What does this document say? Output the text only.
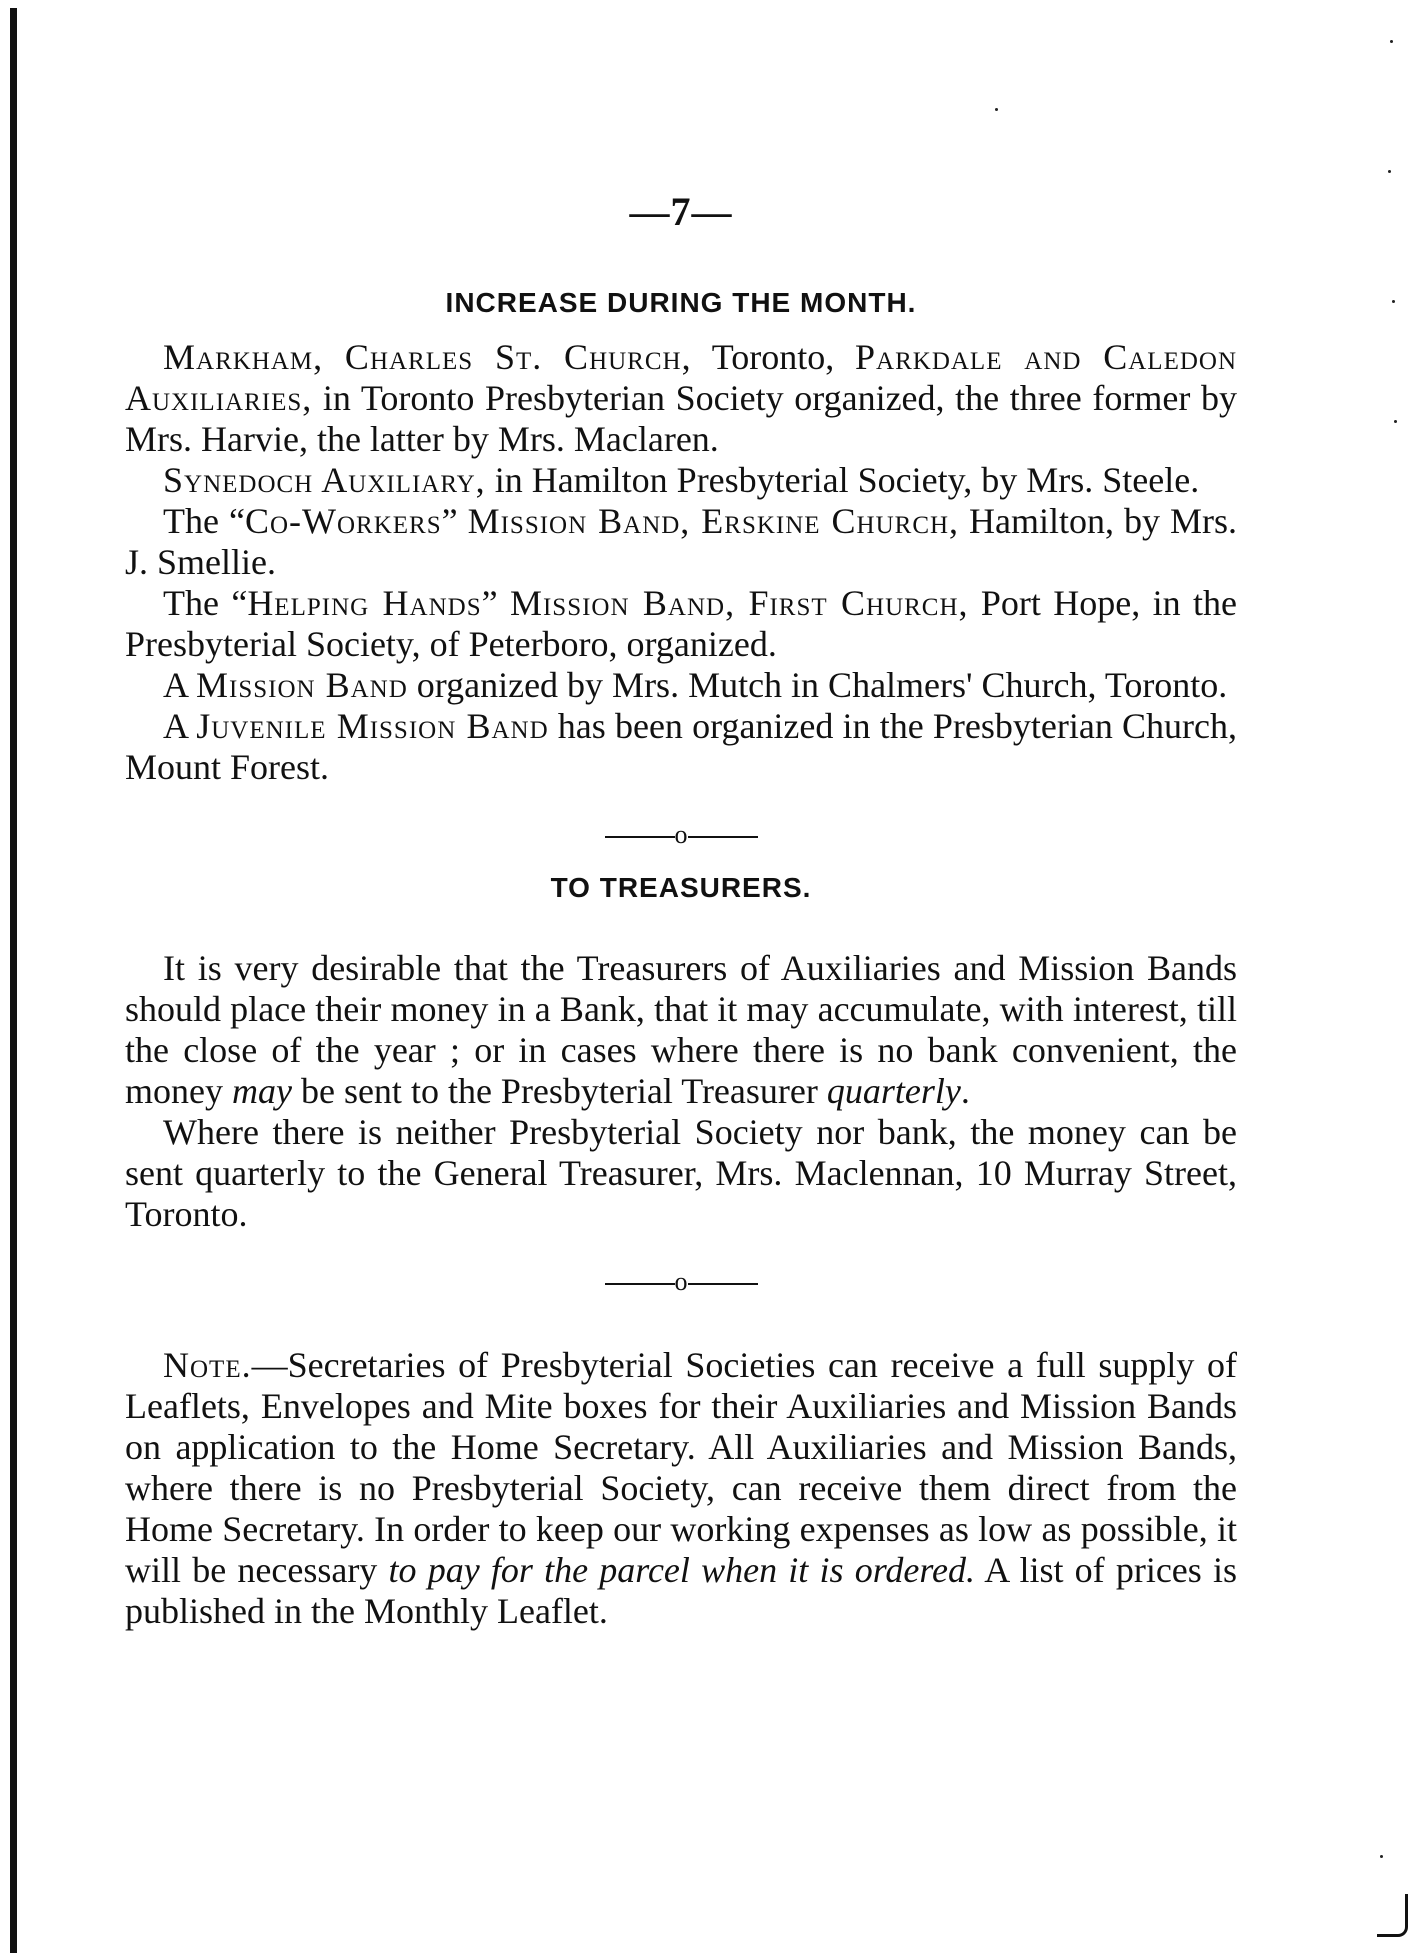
—7—
INCREASE DURING THE MONTH.

Markham, Charles St. Church, Toronto, Parkdale and Caledon Auxiliaries, in Toronto Presbyterian Society organized, the three former by Mrs. Harvie, the latter by Mrs. Maclaren.

Synedoch Auxiliary, in Hamilton Presbyterial Society, by Mrs. Steele.

The “Co-Workers” Mission Band, Erskine Church, Hamilton, by Mrs. J. Smellie.

The “Helping Hands” Mission Band, First Church, Port Hope, in the Presbyterial Society, of Peterboro, organized.

A Mission Band organized by Mrs. Mutch in Chalmers' Church, Toronto.

A Juvenile Mission Band has been organized in the Presbyterian Church, Mount Forest.

o
TO TREASURERS.

It is very desirable that the Treasurers of Auxiliaries and Mission Bands should place their money in a Bank, that it may accumulate, with interest, till the close of the year ; or in cases where there is no bank convenient, the money may be sent to the Presbyterial Treasurer quarterly.

Where there is neither Presbyterial Society nor bank, the money can be sent quarterly to the General Treasurer, Mrs. Maclennan, 10 Murray Street, Toronto.

o

Note.—Secretaries of Presbyterial Societies can receive a full supply of Leaflets, Envelopes and Mite boxes for their Auxiliaries and Mission Bands on application to the Home Secretary. All Auxiliaries and Mission Bands, where there is no Presbyterial Society, can receive them direct from the Home Secretary. In order to keep our working expenses as low as possible, it will be necessary to pay for the parcel when it is ordered. A list of prices is published in the Monthly Leaflet.
